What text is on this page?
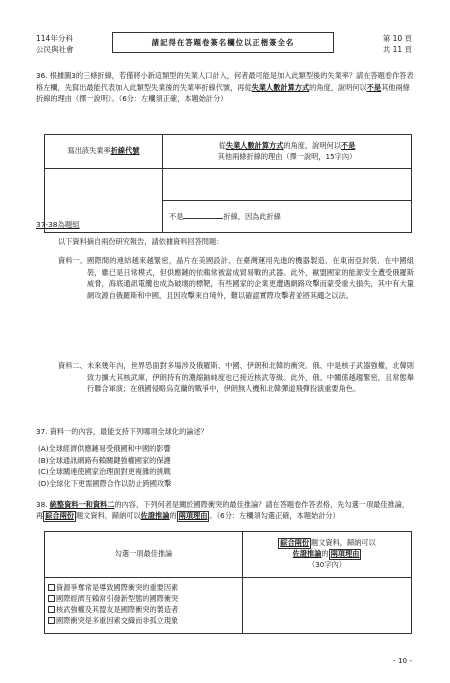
114年分科
公民與社會
請記得在答題卷簽名欄位以正楷簽全名	第 10 頁
共 11 頁
36. 根據圖3的三條折線，若僅將小新這類型的失業人口計入，何者最可能是加入此類型後的失業率？請在答題卷作答表格左欄，先寫出最能代表加入此類型失業後的失業率折線代號，再從失業人數計算方式的角度，說明何以不是其他兩條折線的理由（擇一說明）。（6分：左欄須正確，本題始計分）
寫出該失業率折線代號	從失業人數計算方式的角度，說明何以不是
其他兩條折線的理由（擇一說明，15字內）

	不是 折線，因為此折線
37-38為題組
以下資料摘自兩份研究報告，請依據資料回答問題：
資料一、 國際間的連結越來越緊密，晶片在美國設計、在臺灣運用先進的機器製造、在東南亞封裝、在中國組裝，雖已是日常模式，但供應鏈的依賴常被當成貿易戰的武器。此外，歐盟國家的能源安全遭受俄羅斯威脅，海底通訊電纜也成為破壞的標靶，有些國家的企業更遭遇網路攻擊而蒙受重大損失，其中有大量網攻源自俄羅斯和中國，且因攻擊來自境外，難以確認實際攻擊者並將其繩之以法。
資料二、 未來幾年內，世界恐面對多場涉及俄羅斯、中國、伊朗和北韓的衝突。俄、中是核子武器強權，北韓則致力擴大其核武庫，伊朗持有的濃縮鈾純度也已接近核武等級。此外，俄、中關係越趨緊密，且常態舉行聯合軍演；在俄國侵略烏克蘭的戰爭中，伊朗無人機和北韓彈道飛彈扮演重要角色。
37. 資料一的內容，最能支持下列哪項全球化的論述？
(A)全球經濟供應鏈易受俄國和中國的影響
(B)全球通訊網路有賴關鍵強權國家的保護
(C)全球關連使國家治理面對更複雜的挑戰
(D)全球化下更需國際合作以防止跨國攻擊
38. 統整資料一和資料二的內容，下列何者是關於國際衝突的最佳推論？請在答題卷作答表格，先勾選一項最佳推論，再 綜合兩份 題文資料，歸納可以佐證推論的 兩項理由 。（6分：左欄須勾選正確，本題始計分）
勾選一項最佳推論	綜合兩份 題文資料，歸納可以
佐證推論的 兩項理由
（30字內）

資源爭奪常是導致國際衝突的重要因素
國際經濟互賴常引發新型態的國際衝突
核武強權及其盟友是國際衝突的製造者
國際衝突是多重因素交織而非孤立現象	

- 10 -
